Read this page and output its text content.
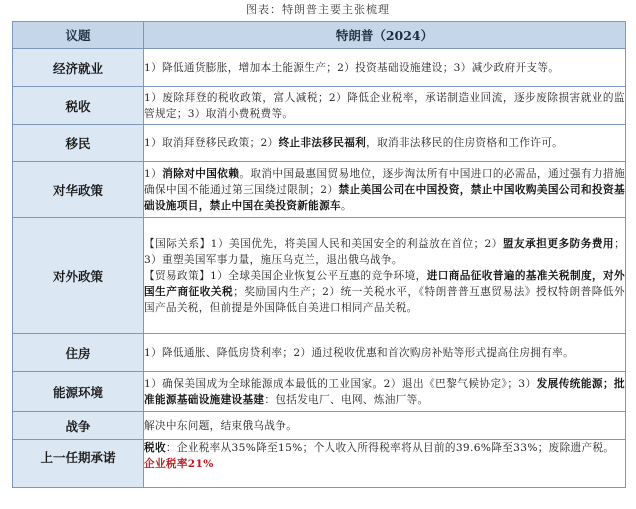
图表：特朗普主要主张梳理
议题	特朗普（2024）
经济就业	1）降低通货膨胀，增加本土能源生产；2）投资基础设施建设；3）减少政府开支等。
税收	1）废除拜登的税收政策，富人减税；2）降低企业税率，承诺制造业回流，逐步废除损害就业的监管规定；3）取消小费税费等。
移民	1）取消拜登移民政策；2）终止非法移民福利，取消非法移民的住房资格和工作许可。
对华政策	1）消除对中国依赖。取消中国最惠国贸易地位，逐步淘汰所有中国进口的必需品，通过强有力措施确保中国不能通过第三国绕过限制；2）禁止美国公司在中国投资，禁止中国收购美国公司和投资基础设施项目，禁止中国在美投资新能源车。
对外政策	【国际关系】1）美国优先，将美国人民和美国安全的利益放在首位；2）盟友承担更多防务费用；3）重塑美国军事力量，施压乌克兰，退出俄乌战争。
【贸易政策】1）全球美国企业恢复公平互惠的竞争环境，进口商品征收普遍的基准关税制度，对外国生产商征收关税；奖励国内生产；2）统一关税水平，《特朗普普互惠贸易法》授权特朗普降低外国产品关税，但前提是外国降低自美进口相同产品关税。

住房	1）降低通胀、降低房贷利率；2）通过税收优惠和首次购房补贴等形式提高住房拥有率。
能源环境	1）确保美国成为全球能源成本最低的工业国家。2）退出《巴黎气候协定》；3）发展传统能源；批准能源基础设施建设基建：包括发电厂、电网、炼油厂等。
战争	解决中东问题，结束俄乌战争。
上一任期承诺	税收：企业税率从35%降至15%；个人收入所得税率将从目前的39.6%降至33%；废除遗产税。
企业税率21%
